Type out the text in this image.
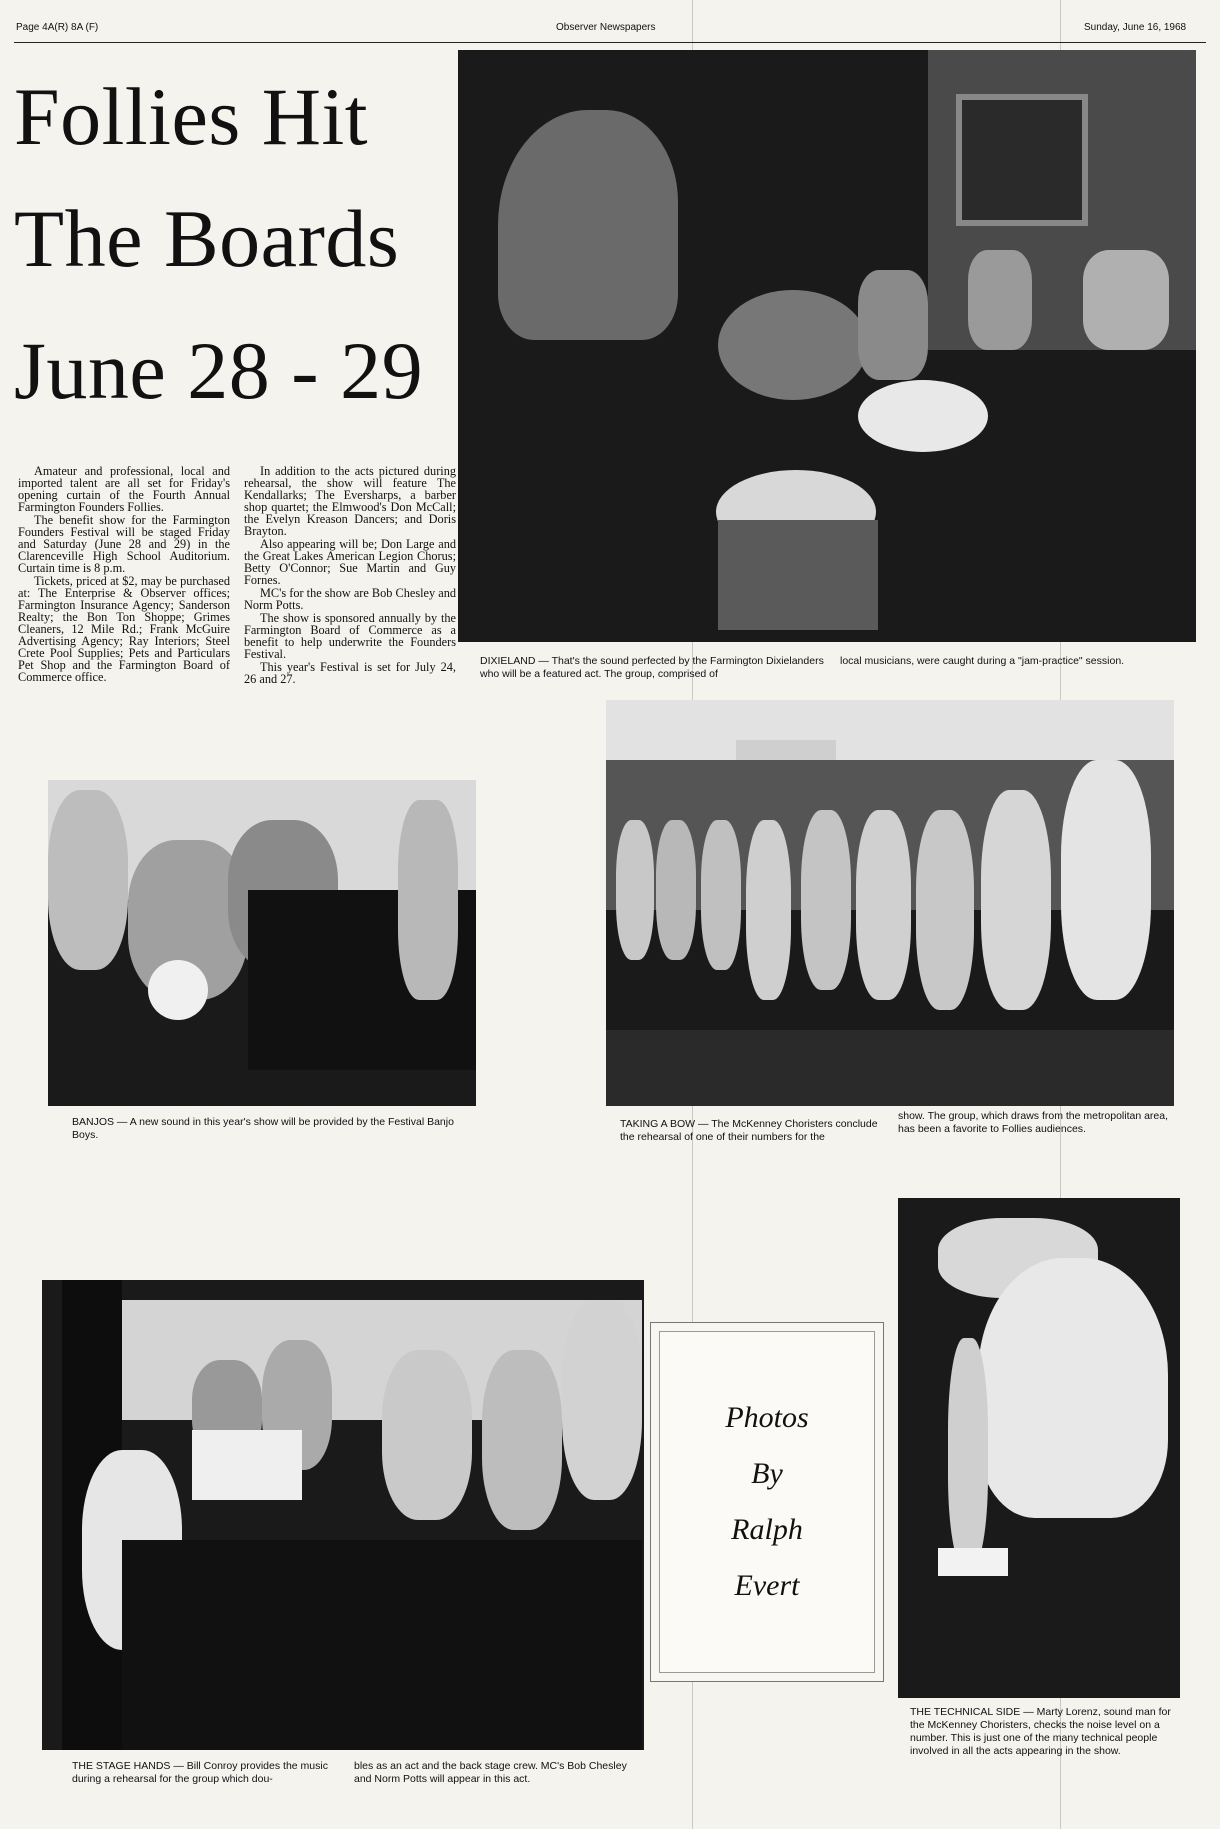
Page 4A(R) 8A (F)	Observer Newspapers	Sunday, June 16, 1968
Follies Hit
The Boards
June 28 - 29

Amateur and professional, local and imported talent are all set for Friday's opening curtain of the Fourth Annual Farmington Founders Follies.

The benefit show for the Farmington Founders Festival will be staged Friday and Saturday (June 28 and 29) in the Clarenceville High School Auditorium. Curtain time is 8 p.m.

Tickets, priced at $2, may be purchased at: The Enterprise & Observer offices; Farmington Insurance Agency; Sanderson Realty; the Bon Ton Shoppe; Grimes Cleaners, 12 Mile Rd.; Frank McGuire Advertising Agency; Ray Interiors; Steel Crete Pool Supplies; Pets and Particulars Pet Shop and the Farmington Board of Commerce office.

In addition to the acts pictured during rehearsal, the show will feature The Kendallarks; The Eversharps, a barber shop quartet; the Elmwood's Don McCall; the Evelyn Kreason Dancers; and Doris Brayton.

Also appearing will be; Don Large and the Great Lakes American Legion Chorus; Betty O'Connor; Sue Martin and Guy Fornes.

MC's for the show are Bob Chesley and Norm Potts.

The show is sponsored annually by the Farmington Board of Commerce as a benefit to help underwrite the Founders Festival.

This year's Festival is set for July 24, 26 and 27.

DIXIELAND — That's the sound perfected by the Farmington Dixielanders who will be a featured act. The group, comprised of
local musicians, were caught during a "jam-practice" session.
BANJOS — A new sound in this year's show will be provided by the Festival Banjo Boys.
TAKING A BOW — The McKenney Choristers conclude the rehearsal of one of their numbers for the
show. The group, which draws from the metropolitan area, has been a favorite to Follies audiences.
THE STAGE HANDS — Bill Conroy provides the music during a rehearsal for the group which dou-
bles as an act and the back stage crew. MC's Bob Chesley and Norm Potts will appear in this act.
Photos
By
Ralph
Evert
THE TECHNICAL SIDE — Marty Lorenz, sound man for the McKenney Choristers, checks the noise level on a number. This is just one of the many technical people involved in all the acts appearing in the show.
